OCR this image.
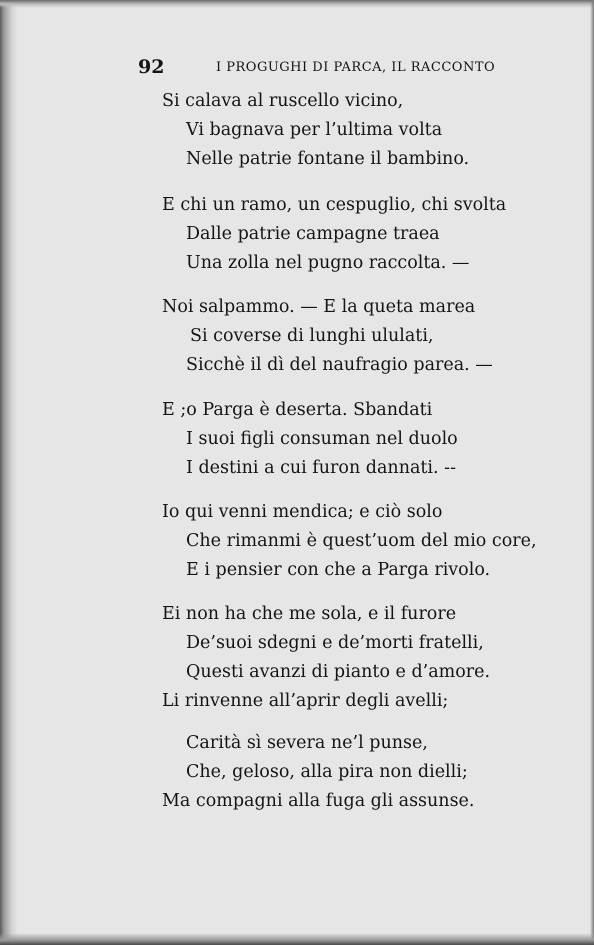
92	I PROGUGHI DI PARCA, IL RACCONTO
Si calava al ruscello vicino,
Vi bagnava per l’ultima volta
Nelle patrie fontane il bambino.
E chi un ramo, un cespuglio, chi svolta
Dalle patrie campagne traea
Una zolla nel pugno raccolta. —
Noi salpammo. — E la queta marea
Si coverse di lunghi ululati,
Sicchè il dì del naufragio parea. —
E ;o Parga è deserta. Sbandati
I suoi figli consuman nel duolo
I destini a cui furon dannati. --
Io qui venni mendica; e ciò solo
Che rimanmi è quest’uom del mio core,
E i pensier con che a Parga rivolo.
Ei non ha che me sola, e il furore
De’suoi sdegni e de’morti fratelli,
Questi avanzi di pianto e d’amore.
Li rinvenne all’aprir degli avelli;
Carità sì severa ne’l punse,
Che, geloso, alla pira non dielli;
Ma compagni alla fuga gli assunse.
